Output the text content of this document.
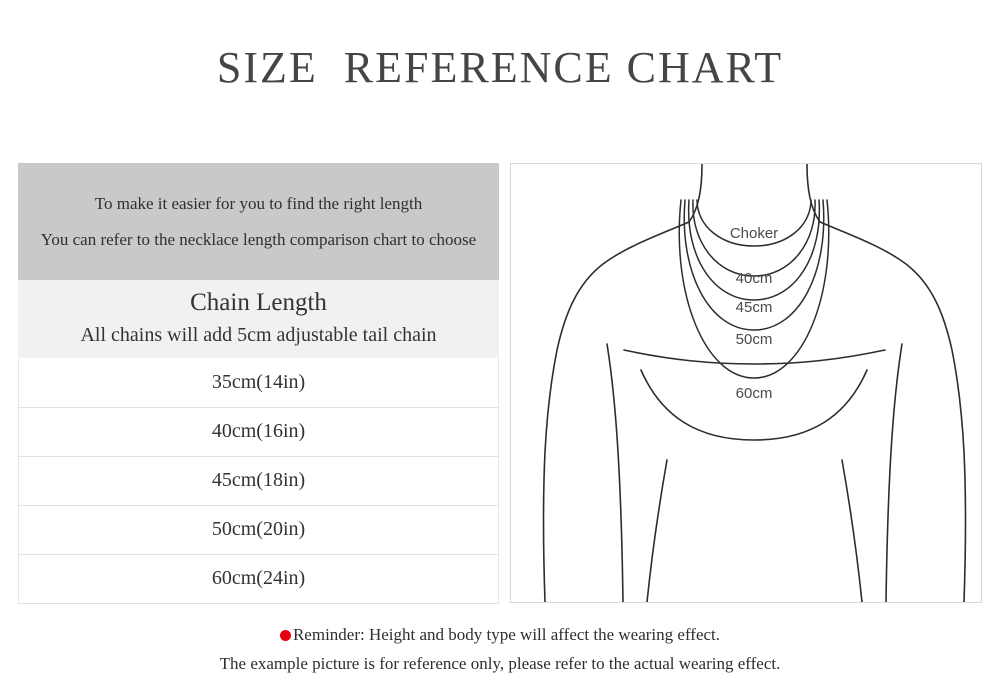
SIZE  REFERENCE CHART
To make it easier for you to find the right length
You can refer to the necklace length comparison chart to choose
Chain Length
All chains will add 5cm adjustable tail chain
35cm(14in)
40cm(16in)
45cm(18in)
50cm(20in)
60cm(24in)
Choker
40cm
45cm
50cm
60cm
Reminder: Height and body type will affect the wearing effect.
The example picture is for reference only, please refer to the actual wearing effect.
